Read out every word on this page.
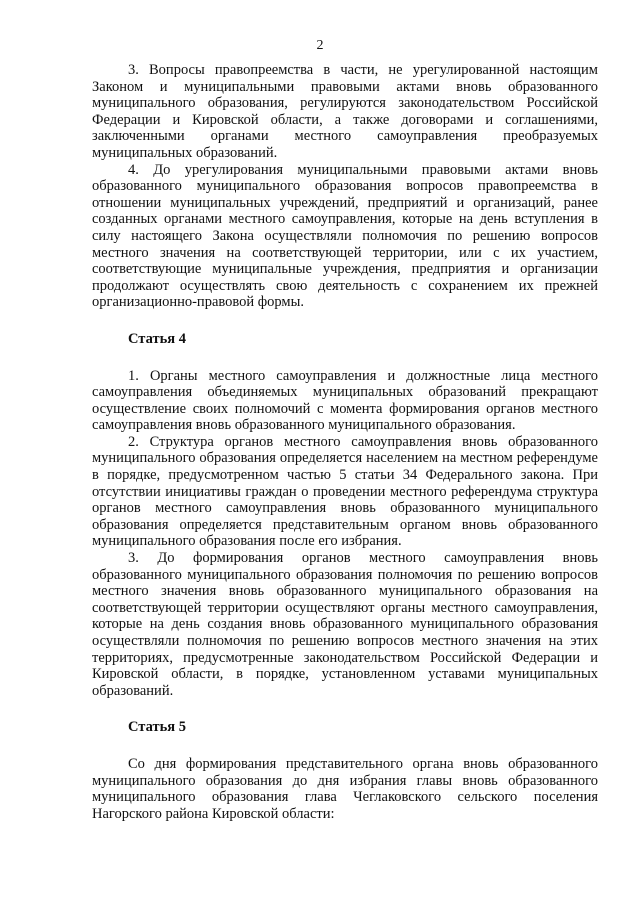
2

3. Вопросы правопреемства в части, не урегулированной настоящим Законом и муниципальными правовыми актами вновь образованного муниципального образования, регулируются законодательством Российской Федерации и Кировской области, а также договорами и соглашениями, заключенными органами местного самоуправления преобразуемых муниципальных образований.

4. До урегулирования муниципальными правовыми актами вновь образованного муниципального образования вопросов правопреемства в отношении муниципальных учреждений, предприятий и организаций, ранее созданных органами местного самоуправления, которые на день вступления в силу настоящего Закона осуществляли полномочия по решению вопросов местного значения на соответствующей территории, или с их участием, соответствующие муниципальные учреждения, предприятия и организации продолжают осуществлять свою деятельность с сохранением их прежней организационно-правовой формы.

Статья 4

1. Органы местного самоуправления и должностные лица местного самоуправления объединяемых муниципальных образований прекращают осуществление своих полномочий с момента формирования органов местного самоуправления вновь образованного муниципального образования.

2. Структура органов местного самоуправления вновь образованного муниципального образования определяется населением на местном референдуме в порядке, предусмотренном частью 5 статьи 34 Федерального закона. При отсутствии инициативы граждан о проведении местного референдума структура органов местного самоуправления вновь образованного муниципального образования определяется представительным органом вновь образованного муниципального образования после его избрания.

3. До формирования органов местного самоуправления вновь образованного муниципального образования полномочия по решению вопросов местного значения вновь образованного муниципального образования на соответствующей территории осуществляют органы местного самоуправления, которые на день создания вновь образованного муниципального образования осуществляли полномочия по решению вопросов местного значения на этих территориях, предусмотренные законодательством Российской Федерации и Кировской области, в порядке, установленном уставами муниципальных образований.

Статья 5

Со дня формирования представительного органа вновь образованного муниципального образования до дня избрания главы вновь образованного муниципального образования глава Чеглаковского сельского поселения Нагорского района Кировской области:
